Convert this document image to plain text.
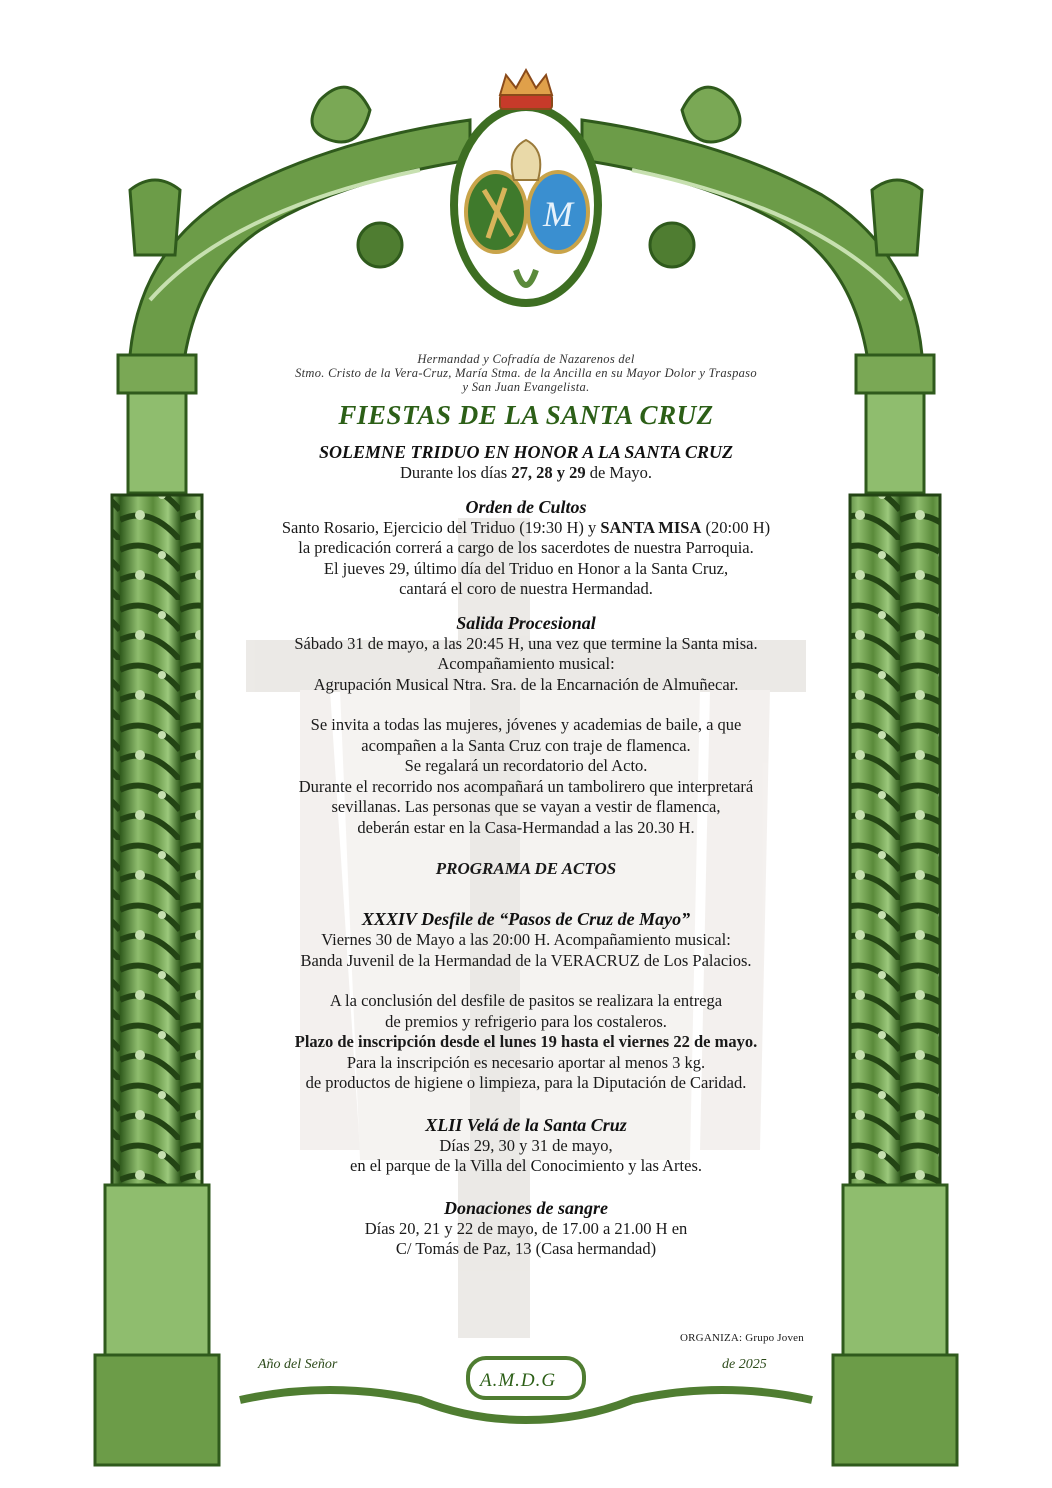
M
Hermandad y Cofradía de Nazarenos del
Stmo. Cristo de la Vera-Cruz, María Stma. de la Ancilla en su Mayor Dolor y Traspaso
y San Juan Evangelista.
FIESTAS DE LA SANTA CRUZ
SOLEMNE TRIDUO EN HONOR A LA SANTA CRUZ
Durante los días 27, 28 y 29 de Mayo.
Orden de Cultos
Santo Rosario, Ejercicio del Triduo (19:30 H) y SANTA MISA (20:00 H)
la predicación correrá a cargo de los sacerdotes de nuestra Parroquia.
El jueves 29, último día del Triduo en Honor a la Santa Cruz,
cantará el coro de nuestra Hermandad.
Salida Procesional
Sábado 31 de mayo, a las 20:45 H, una vez que termine la Santa misa.
Acompañamiento musical:
Agrupación Musical Ntra. Sra. de la Encarnación de Almuñecar.
Se invita a todas las mujeres, jóvenes y academias de baile, a que
acompañen a la Santa Cruz con traje de flamenca.
Se regalará un recordatorio del Acto.
Durante el recorrido nos acompañará un tambolirero que interpretará
sevillanas. Las personas que se vayan a vestir de flamenca,
deberán estar en la Casa-Hermandad a las 20.30 H.
PROGRAMA DE ACTOS
XXXIV Desfile de “Pasos de Cruz de Mayo”
Viernes 30 de Mayo a las 20:00 H. Acompañamiento musical:
Banda Juvenil de la Hermandad de la VERACRUZ de Los Palacios.
A la conclusión del desfile de pasitos se realizara la entrega
de premios y refrigerio para los costaleros.
Plazo de inscripción desde el lunes 19 hasta el viernes 22 de mayo.
Para la inscripción es necesario aportar al menos 3 kg.
de productos de higiene o limpieza, para la Diputación de Caridad.
XLII Velá de la Santa Cruz
Días 29, 30 y 31 de mayo,
en el parque de la Villa del Conocimiento y las Artes.
Donaciones de sangre
Días 20, 21 y 22 de mayo, de 17.00 a 21.00 H en
C/ Tomás de Paz, 13 (Casa hermandad)
ORGANIZA: Grupo Joven
Año del Señor	de 2025
A.M.D.G
